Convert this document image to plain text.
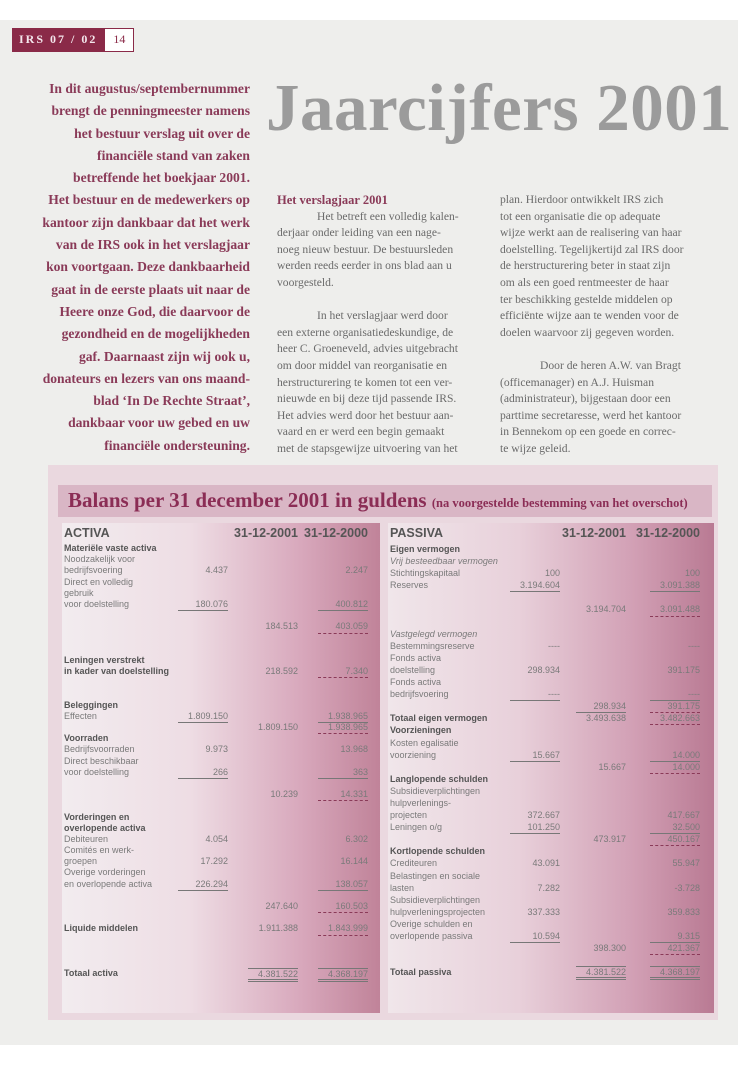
IRS 07 / 02	14
In dit augustus/septembernummer
brengt de penningmeester namens
het bestuur verslag uit over de
financiële stand van zaken
betreffende het boekjaar 2001.
Het bestuur en de medewerkers op
kantoor zijn dankbaar dat het werk
van de IRS ook in het verslagjaar
kon voortgaan. Deze dankbaarheid
gaat in de eerste plaats uit naar de
Heere onze God, die daarvoor de
gezondheid en de mogelijkheden
gaf. Daarnaast zijn wij ook u,
donateurs en lezers van ons maand-
blad ‘In De Rechte Straat’,
dankbaar voor uw gebed en uw
financiële ondersteuning.
Jaarcijfers 2001
Het verslagjaar 2001
Het betreft een volledig kalen-
derjaar onder leiding van een nage-
noeg nieuw bestuur. De bestuursleden
werden reeds eerder in ons blad aan u
voorgesteld.
In het verslagjaar werd door
een externe organisatiedeskundige, de
heer C. Groeneveld, advies uitgebracht
om door middel van reorganisatie en
herstructurering te komen tot een ver-
nieuwde en bij deze tijd passende IRS.
Het advies werd door het bestuur aan-
vaard en er werd een begin gemaakt
met de stapsgewijze uitvoering van het
plan. Hierdoor ontwikkelt IRS zich
tot een organisatie die op adequate
wijze werkt aan de realisering van haar
doelstelling. Tegelijkertijd zal IRS door
de herstructurering beter in staat zijn
om als een goed rentmeester de haar
ter beschikking gestelde middelen op
efficiënte wijze aan te wenden voor de
doelen waarvoor zij gegeven worden.
Door de heren A.W. van Bragt
(officemanager) en A.J. Huisman
(administrateur), bijgestaan door een
parttime secretaresse, werd het kantoor
in Bennekom op een goede en correc-
te wijze geleid.
Balans per 31 december 2001 in guldens (na voorgestelde bestemming van het overschot)
ACTIVA	31-12-2001 31-12-2000
Materiële vaste activa
Noodzakelijk voor
bedrijfsvoering	4.437	2.247
Direct en volledig
gebruik
voor doelstelling	180.076	400.812
184.513	403.059
Leningen verstrekt
in kader van doelstelling	218.592	7.340
Beleggingen
Effecten	1.809.150	1.938.965
1.809.150	1.938.965
Voorraden
Bedrijfsvoorraden	9.973	13.968
Direct beschikbaar
voor doelstelling	266	363
10.239	14.331
Vorderingen en
overlopende activa
Debiteuren	4.054	6.302
Comités en werk-
groepen	17.292	16.144
Overige vorderingen
en overlopende activa	226.294	138.057
247.640	160.503
Liquide middelen	1.911.388	1.843.999
Totaal activa	4.381.522	4.368.197
PASSIVA	31-12-2001 31-12-2000
Eigen vermogen
Vrij besteedbaar vermogen
Stichtingskapitaal	100	100
Reserves	3.194.604	3.091.388
3.194.704	3.091.488
Vastgelegd vermogen
Bestemmingsreserve	----	----
Fonds activa
doelstelling	298.934	391.175
Fonds activa
bedrijfsvoering	----	----
298.934	391.175
Totaal eigen vermogen	3.493.638	3.482.663
Voorzieningen
Kosten egalisatie
voorziening	15.667	14.000
15.667	14.000
Langlopende schulden
Subsidieverplichtingen
hulpverlenings-
projecten	372.667	417.667
Leningen o/g	101.250	32.500
473.917	450.167
Kortlopende schulden
Crediteuren	43.091	55.947
Belastingen en sociale
lasten	7.282	-3.728
Subsidieverplichtingen
hulpverleningsprojecten	337.333	359.833
Overige schulden en
overlopende passiva	10.594	9.315
398.300	421.367
Totaal passiva	4.381.522	4.368.197
